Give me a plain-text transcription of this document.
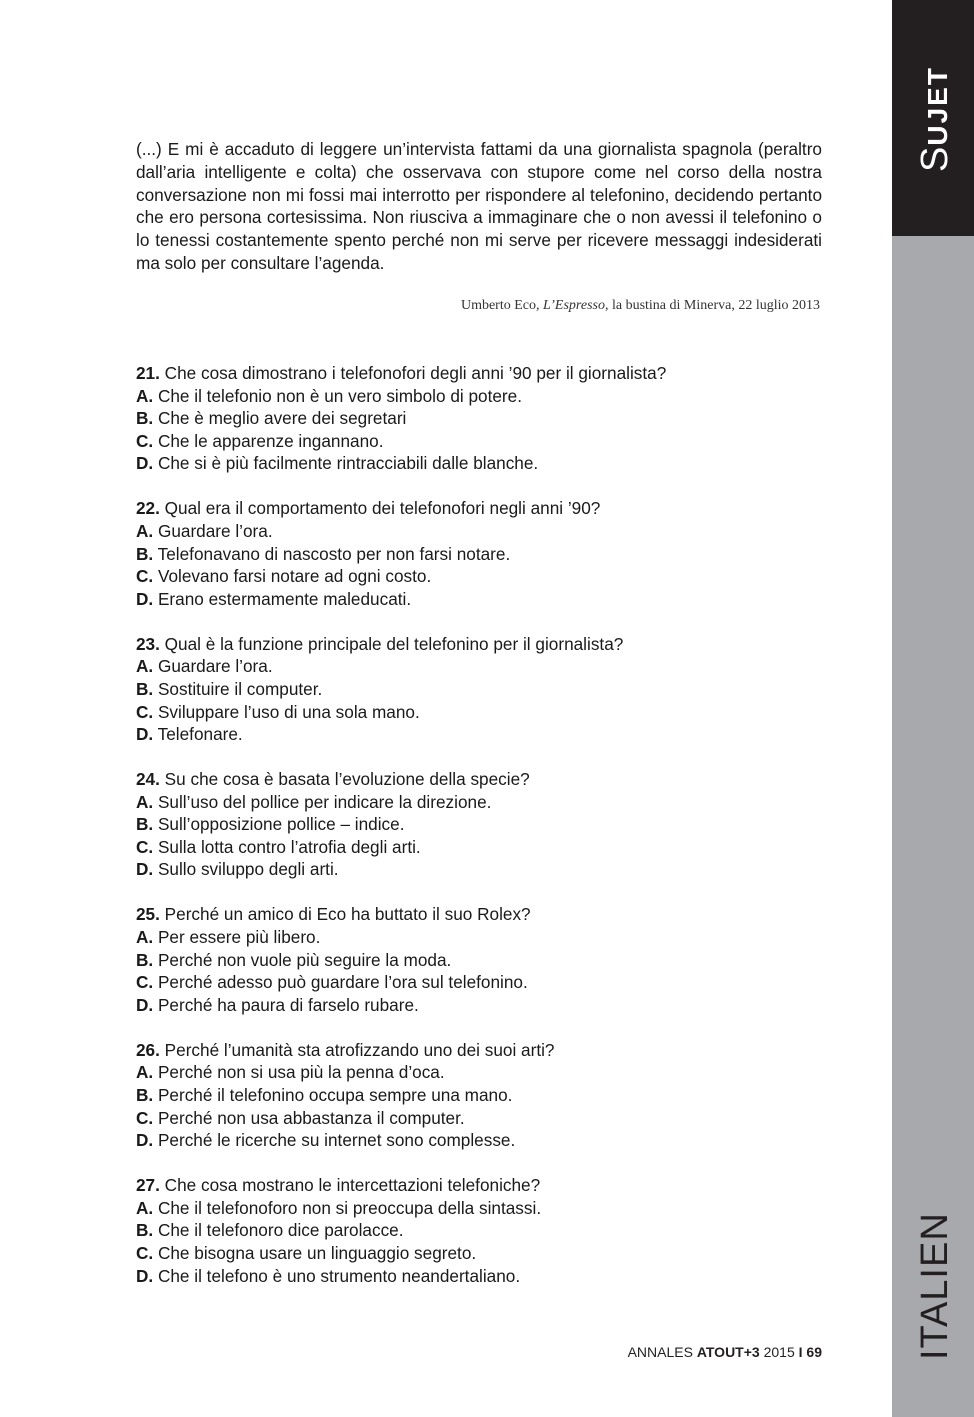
SUJET
ITALIEN

(...) E mi è accaduto di leggere un’intervista fattami da una giornalista spagnola (peraltro dall’aria intelligente e colta) che osservava con stupore come nel corso della nostra conversazione non mi fossi mai interrotto per rispondere al telefonino, decidendo pertanto che ero persona cortesissima. Non riusciva a immaginare che o non avessi il telefonino o lo tenessi costantemente spento perché non mi serve per ricevere messaggi indesiderati ma solo per consultare l’agenda.

Umberto Eco, L’Espresso, la bustina di Minerva, 22 luglio 2013

21. Che cosa dimostrano i telefonofori degli anni ’90 per il giornalista?
A. Che il telefonio non è un vero simbolo di potere.
B. Che è meglio avere dei segretari
C. Che le apparenze ingannano.
D. Che si è più facilmente rintracciabili dalle blanche.
22. Qual era il comportamento dei telefonofori negli anni ’90?
A. Guardare l’ora.
B. Telefonavano di nascosto per non farsi notare.
C. Volevano farsi notare ad ogni costo.
D. Erano estermamente maleducati.
23. Qual è la funzione principale del telefonino per il giornalista?
A. Guardare l’ora.
B. Sostituire il computer.
C. Sviluppare l’uso di una sola mano.
D. Telefonare.
24. Su che cosa è basata l’evoluzione della specie?
A. Sull’uso del pollice per indicare la direzione.
B. Sull’opposizione pollice – indice.
C. Sulla lotta contro l’atrofia degli arti.
D. Sullo sviluppo degli arti.
25. Perché un amico di Eco ha buttato il suo Rolex?
A. Per essere più libero.
B. Perché non vuole più seguire la moda.
C. Perché adesso può guardare l’ora sul telefonino.
D. Perché ha paura di farselo rubare.
26. Perché l’umanità sta atrofizzando uno dei suoi arti?
A. Perché non si usa più la penna d’oca.
B. Perché il telefonino occupa sempre una mano.
C. Perché non usa abbastanza il computer.
D. Perché le ricerche su internet sono complesse.
27. Che cosa mostrano le intercettazioni telefoniche?
A. Che il telefonoforo non si preoccupa della sintassi.
B. Che il telefonoro dice parolacce.
C. Che bisogna usare un linguaggio segreto.
D. Che il telefono è uno strumento neandertaliano.
ANNALES ATOUT+3 2015 I 69
